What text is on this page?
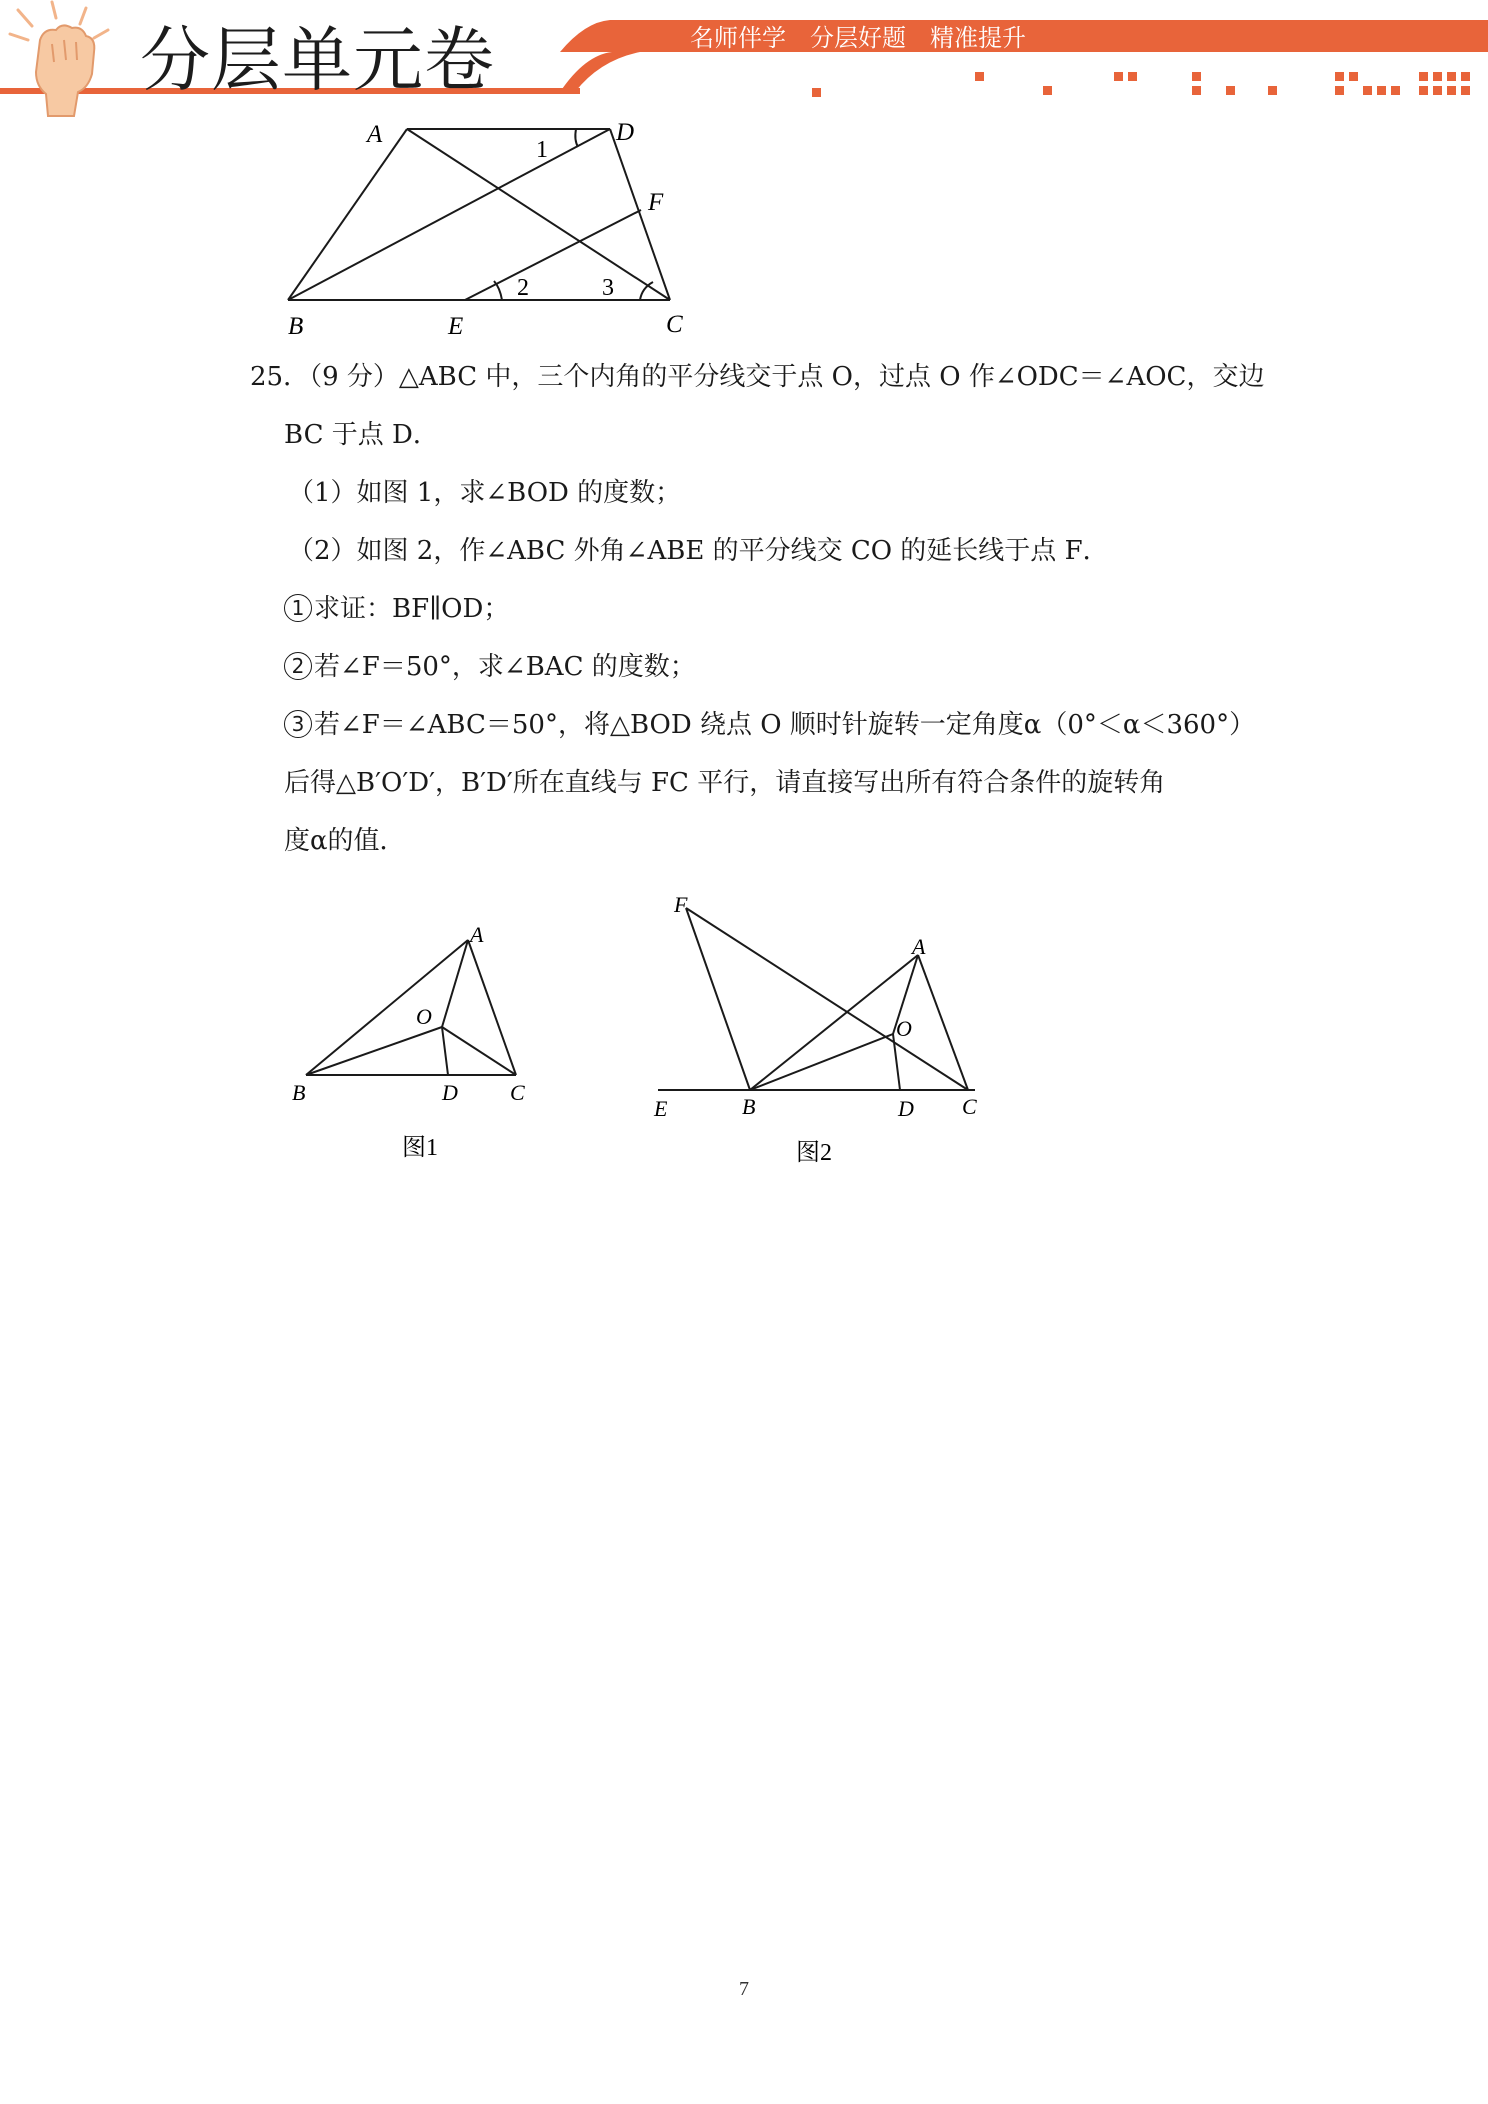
分层单元卷	名师伴学 分层好题 精准提升
A	D
1
F
2	3
B	E	C
25．（9 分）△ABC 中，三个内角的平分线交于点 O，过点 O 作∠ODC＝∠AOC，交边
BC 于点 D．
（1）如图 1，求∠BOD 的度数；
（2）如图 2，作∠ABC 外角∠ABE 的平分线交 CO 的延长线于点 F．
1 求证：BF∥OD；
2 若∠F＝50°，求∠BAC 的度数；
3 若∠F＝∠ABC＝50°，将△BOD 绕点 O 顺时针旋转一定角度α（0°＜α＜360°）
后得△B′O′D′，B′D′所在直线与 FC 平行，请直接写出所有符合条件的旋转角
度α的值．
A
O
B	D C
图1
F
A
O
E	B	D C
图2
7
